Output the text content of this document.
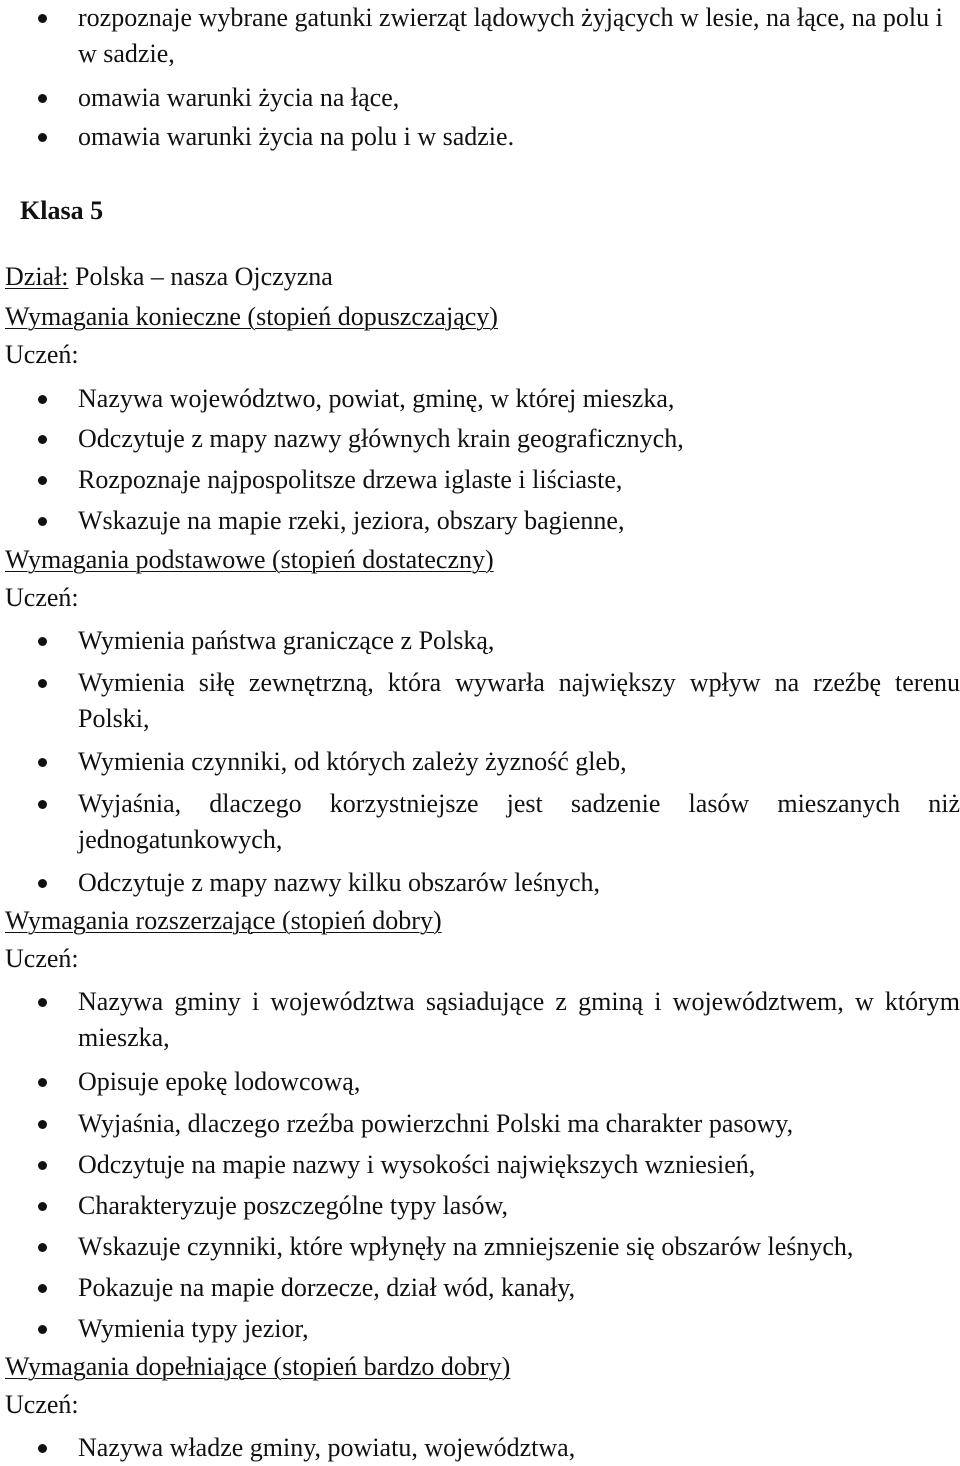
rozpoznaje wybrane gatunki zwierząt lądowych żyjących w lesie, na łące, na polu i w sadzie,
omawia warunki życia na łące,
omawia warunki życia na polu i w sadzie.
Klasa 5
Dział: Polska – nasza Ojczyzna
Wymagania konieczne (stopień dopuszczający)
Uczeń:
Nazywa województwo, powiat, gminę, w której mieszka,
Odczytuje z mapy nazwy głównych krain geograficznych,
Rozpoznaje najpospolitsze drzewa iglaste i liściaste,
Wskazuje na mapie rzeki, jeziora, obszary bagienne,
Wymagania podstawowe (stopień dostateczny)
Uczeń:
Wymienia państwa graniczące z Polską,
Wymienia siłę zewnętrzną, która wywarła największy wpływ na rzeźbę terenu Polski,
Wymienia czynniki, od których zależy żyzność gleb,
Wyjaśnia, dlaczego korzystniejsze jest sadzenie lasów mieszanych niż jednogatunkowych,
Odczytuje z mapy nazwy kilku obszarów leśnych,
Wymagania rozszerzające (stopień dobry)
Uczeń:
Nazywa gminy i województwa sąsiadujące z gminą i województwem, w którym mieszka,
Opisuje epokę lodowcową,
Wyjaśnia, dlaczego rzeźba powierzchni Polski ma charakter pasowy,
Odczytuje na mapie nazwy i wysokości największych wzniesień,
Charakteryzuje poszczególne typy lasów,
Wskazuje czynniki, które wpłynęły na zmniejszenie się obszarów leśnych,
Pokazuje na mapie dorzecze, dział wód, kanały,
Wymienia typy jezior,
Wymagania dopełniające (stopień bardzo dobry)
Uczeń:
Nazywa władze gminy, powiatu, województwa,
